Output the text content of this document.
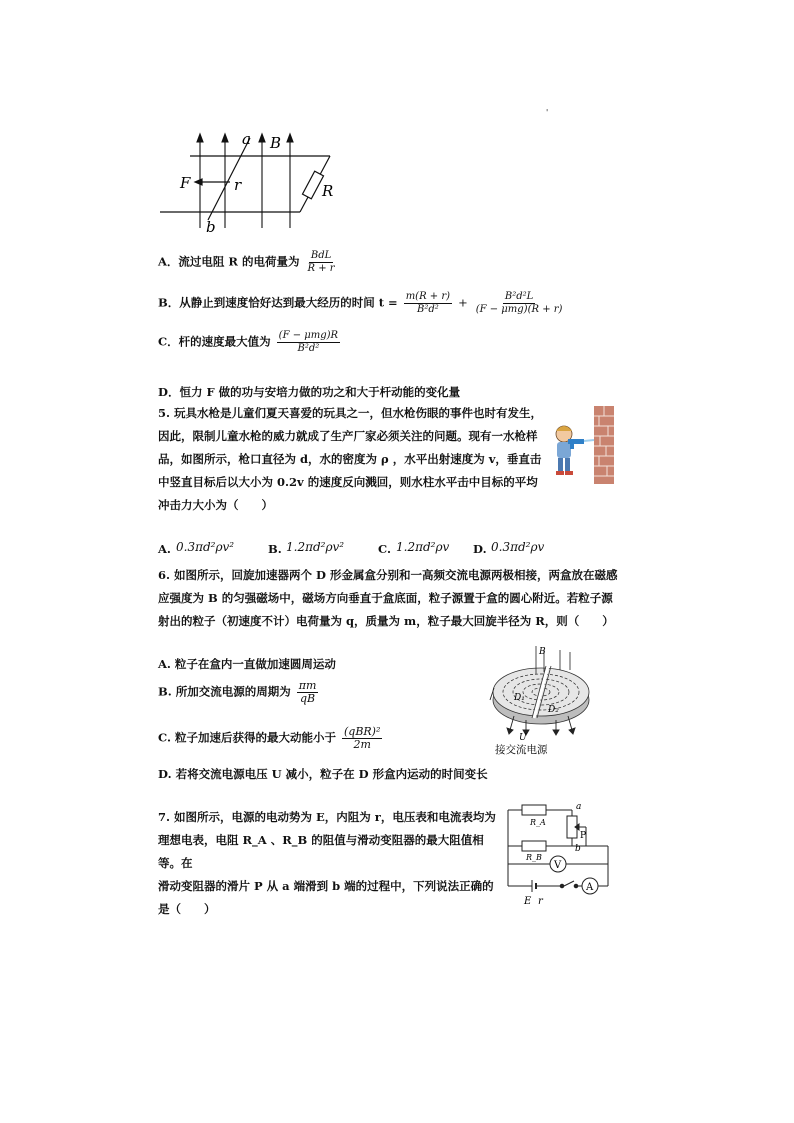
'
a B
F	r	R
b
A．流过电阻 R 的电荷量为 $\frac{\text{BdL}}{R + r}$
B．从静止到速度恰好达到最大经历的时间 $t = \frac{m(R + r)}{\text{B²d²}} + \frac{\text{B²d²L}}{\text{(F − μmg)(R + r)}}$
C．杆的速度最大值为 $\frac{\text{(F − μmg)R}}{\text{B²d²}}$
D．恒力 F 做的功与安培力做的功之和大于杆动能的变化量
5. 玩具水枪是儿童们夏天喜爱的玩具之一，但水枪伤眼的事件也时有发生，
因此，限制儿童水枪的威力就成了生产厂家必须关注的问题。现有一水枪样
品，如图所示，枪口直径为 d，水的密度为 ρ ，水平出射速度为 v，垂直击
中竖直目标后以大小为 0.2v 的速度反向溅回，则水柱水平击中目标的平均
冲击力大小为（　　）
A. 0.3πd²ρv²	B. 1.2πd²ρv²	C. 1.2πd²ρv D. 0.3πd²ρv
6. 如图所示，回旋加速器两个 D 形金属盒分别和一高频交流电源两极相接，两盒放在磁感
应强度为 B 的匀强磁场中，磁场方向垂直于盒底面，粒子源置于盒的圆心附近。若粒子源
射出的粒子（初速度不计）电荷量为 q，质量为 m，粒子最大回旋半径为 R，则（　　）
A. 粒子在盒内一直做加速圆周运动
B. 所加交流电源的周期为 $\frac{\pi m}{qB}$
C. 粒子加速后获得的最大动能小于 $\frac{\text{(qBR)²}}{2m}$
D. 若将交流电源电压 U 减小，粒子在 D 形盒内运动的时间变长
B
D₁
D₂
U
接交流电源
7. 如图所示，电源的电动势为 E，内阻为 r，电压表和电流表均为
理想电表，电阻 R_A 、R_B 的阻值与滑动变阻器的最大阻值相等。在
滑动变阻器的滑片 P 从 a 端滑到 b 端的过程中，下列说法正确的
是（　　）
R_A
R_B
a
b
P
V
A
E r
